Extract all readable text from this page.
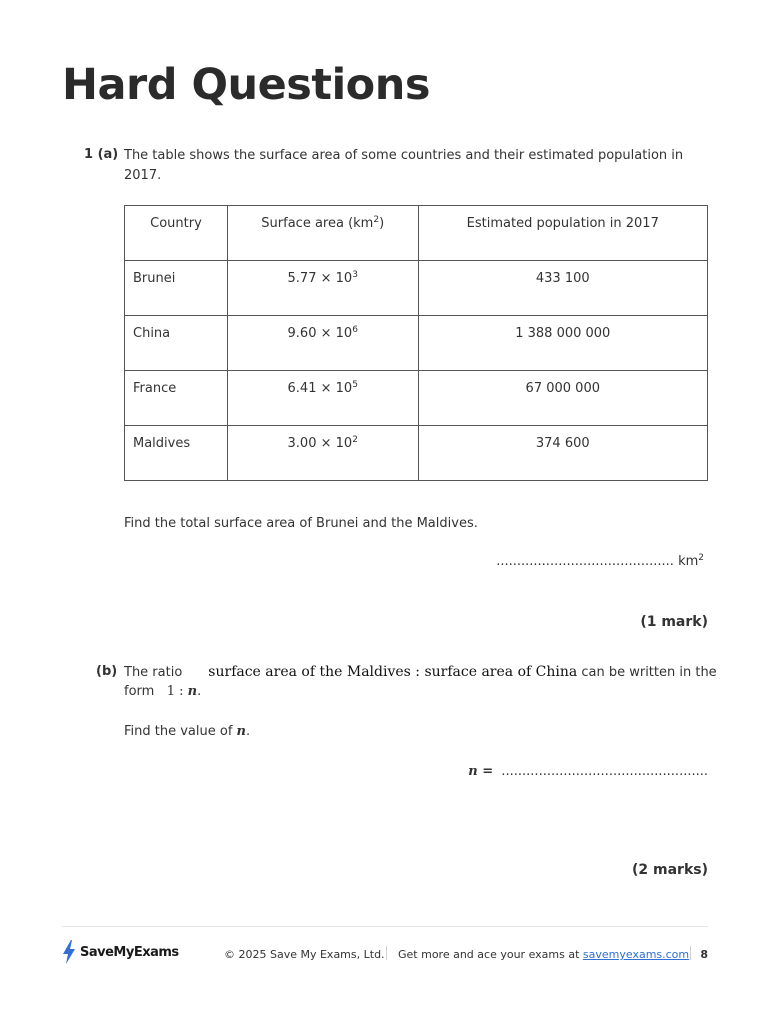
Hard Questions
1 (a) The table shows the surface area of some countries and their estimated population in
2017.
Country	Surface area $(km^2)$	Estimated population in 2017
Brunei	$5.77 \times 10^3$	433 100
China	$9.60 \times 10^6$	1 388 000 000
France	$6.41 \times 10^5$	67 000 000
Maldives	$3.00 \times 10^2$	374 600
Find the total surface area of Brunei and the Maldives.
........................................... $km^2$
(1 mark)
(b) The ratio surface area of the Maldives : surface area of China can be written in the
form 1 : n.
Find the value of n.
n = ..................................................
(2 marks)
SaveMyExams	© 2025 Save My Exams, Ltd. Get more and ace your exams at savemyexams.com 8
